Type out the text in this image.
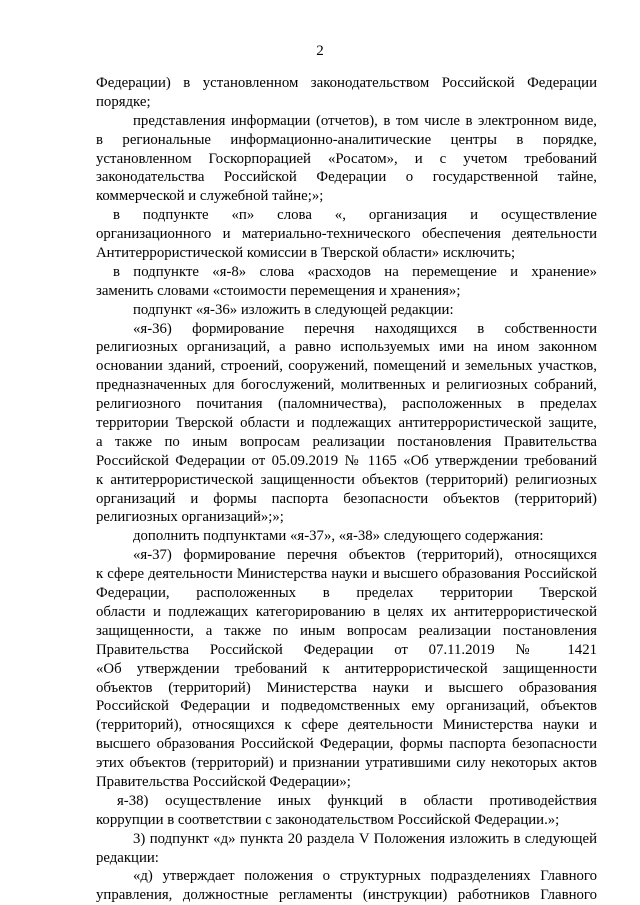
2
Федерации) в установленном законодательством Российской Федерации
порядке;
представления информации (отчетов), в том числе в электронном виде,
в региональные информационно-аналитические центры в порядке,
установленном Госкорпорацией «Росатом», и с учетом требований
законодательства Российской Федерации о государственной тайне,
коммерческой и служебной тайне;»;
в подпункте «п» слова «, организация и осуществление
организационного и материально-технического обеспечения деятельности
Антитеррористической комиссии в Тверской области» исключить;
в подпункте «я-8» слова «расходов на перемещение и хранение»
заменить словами «стоимости перемещения и хранения»;
подпункт «я-36» изложить в следующей редакции:
«я-36) формирование перечня находящихся в собственности
религиозных организаций, а равно используемых ими на ином законном
основании зданий, строений, сооружений, помещений и земельных участков,
предназначенных для богослужений, молитвенных и религиозных собраний,
религиозного почитания (паломничества), расположенных в пределах
территории Тверской области и подлежащих антитеррористической защите,
а также по иным вопросам реализации постановления Правительства
Российской Федерации от 05.09.2019 № 1165 «Об утверждении требований
к антитеррористической защищенности объектов (территорий) религиозных
организаций и формы паспорта безопасности объектов (территорий)
религиозных организаций»;»;
дополнить подпунктами «я-37», «я-38» следующего содержания:
«я-37) формирование перечня объектов (территорий), относящихся
к сфере деятельности Министерства науки и высшего образования Российской
Федерации, расположенных в пределах территории Тверской
области и подлежащих категорированию в целях их антитеррористической
защищенности, а также по иным вопросам реализации постановления
Правительства Российской Федерации от 07.11.2019 № 1421
«Об утверждении требований к антитеррористической защищенности
объектов (территорий) Министерства науки и высшего образования
Российской Федерации и подведомственных ему организаций, объектов
(территорий), относящихся к сфере деятельности Министерства науки и
высшего образования Российской Федерации, формы паспорта безопасности
этих объектов (территорий) и признании утратившими силу некоторых актов
Правительства Российской Федерации»;
я-38) осуществление иных функций в области противодействия
коррупции в соответствии с законодательством Российской Федерации.»;
3) подпункт «д» пункта 20 раздела V Положения изложить в следующей
редакции:
«д) утверждает положения о структурных подразделениях Главного
управления, должностные регламенты (инструкции) работников Главного
